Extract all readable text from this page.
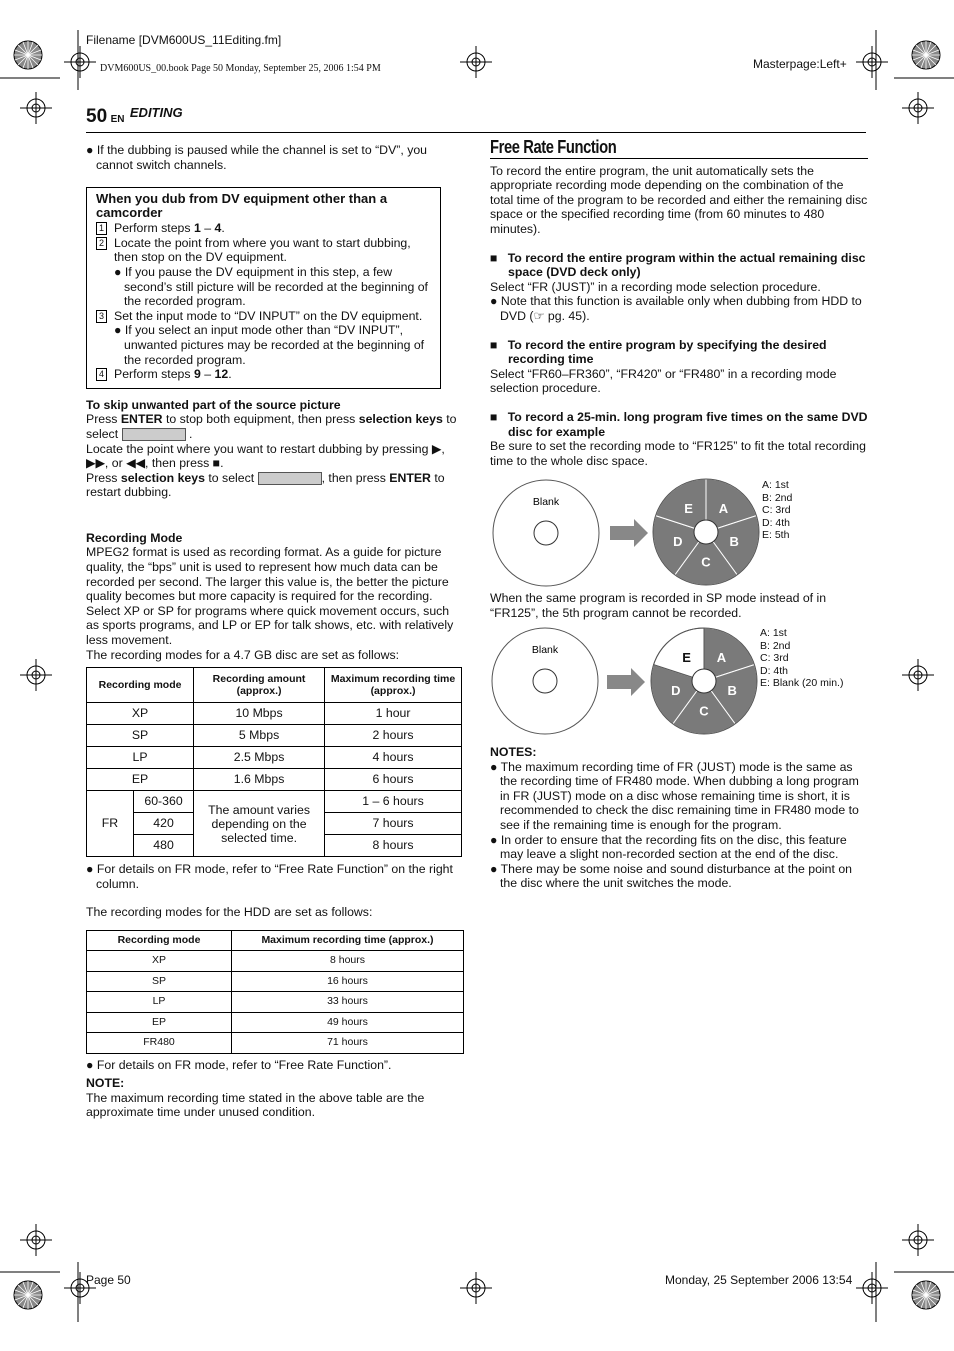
Filename [DVM600US_11Editing.fm]
DVM600US_00.book Page 50 Monday, September 25, 2006 1:54 PM	Masterpage:Left+
50 EN EDITING

● If the dubbing is paused while the channel is set to “DV”, you cannot switch channels.

When you dub from DV equipment other than a camcorder

1 Perform steps 1 – 4.
2 Locate the point from where you want to start dubbing, then stop on the DV equipment.

● If you pause the DV equipment in this step, a few second’s still picture will be recorded at the beginning of the recorded program.

3 Set the input mode to “DV INPUT” on the DV equipment.

● If you select an input mode other than “DV INPUT”, unwanted pictures may be recorded at the beginning of the recorded program.

4 Perform steps 9 – 12.

To skip unwanted part of the source picture

Press ENTER to stop both equipment, then press selection keys to select	.

Locate the point where you want to restart dubbing by pressing ▶, ▶▶, or ◀◀, then press ■.

Press selection keys to select	, then press ENTER to restart dubbing.

Recording Mode

MPEG2 format is used as recording format. As a guide for picture quality, the “bps” unit is used to represent how much data can be recorded per second. The larger this value is, the better the picture quality becomes but more capacity is required for the recording. Select XP or SP for programs where quick movement occurs, such as sports programs, and LP or EP for talk shows, etc. with relatively less movement.

The recording modes for a 4.7 GB disc are set as follows:

Recording mode		Recording amount (approx.)	Maximum recording time (approx.)
XP		10 Mbps	1 hour
SP		5 Mbps	2 hours
LP		2.5 Mbps	4 hours
EP		1.6 Mbps	6 hours
FR	60-360	The amount varies depending on the selected time.	1 – 6 hours
	420		7 hours
	480		8 hours

● For details on FR mode, refer to “Free Rate Function” on the right column.

The recording modes for the HDD are set as follows:

Recording mode	Maximum recording time (approx.)
XP	8 hours
SP	16 hours
LP	33 hours
EP	49 hours
FR480	71 hours

● For details on FR mode, refer to “Free Rate Function”.

NOTE:

The maximum recording time stated in the above table are the approximate time under unused condition.

Free Rate Function

To record the entire program, the unit automatically sets the appropriate recording mode depending on the combination of the total time of the program to be recorded and either the remaining disc space or the specified recording time (from 60 minutes to 480 minutes).

■   To record the entire program within the actual remaining disc space (DVD deck only)

Select “FR (JUST)” in a recording mode selection procedure.

● Note that this function is available only when dubbing from HDD to DVD (☞ pg. 45).

■   To record the entire program by specifying the desired recording time

Select “FR60–FR360”, “FR420” or “FR480” in a recording mode selection procedure.

■   To record a 25-min. long program five times on the same DVD disc for example

Be sure to set the recording mode to “FR125” to fit the total recording time to the whole disc space.

Blank	A
B
C
D
E
A: 1st
B: 2nd
C: 3rd
D: 4th
E: 5th

When the same program is recorded in SP mode instead of in “FR125”, the 5th program cannot be recorded.

Blank	A
B
C
D
E
A: 1st
B: 2nd
C: 3rd
D: 4th
E: Blank (20 min.)

NOTES:

● The maximum recording time of FR (JUST) mode is the same as the recording time of FR480 mode. When dubbing a long program in FR (JUST) mode on a disc whose remaining time is short, it is recommended to check the disc remaining time in FR480 mode to see if the remaining time is enough for the program.

● In order to ensure that the recording fits on the disc, this feature may leave a slight non-recorded section at the end of the disc.

● There may be some noise and sound disturbance at the point on the disc where the unit switches the mode.

Page 50	Monday, 25 September 2006 13:54
